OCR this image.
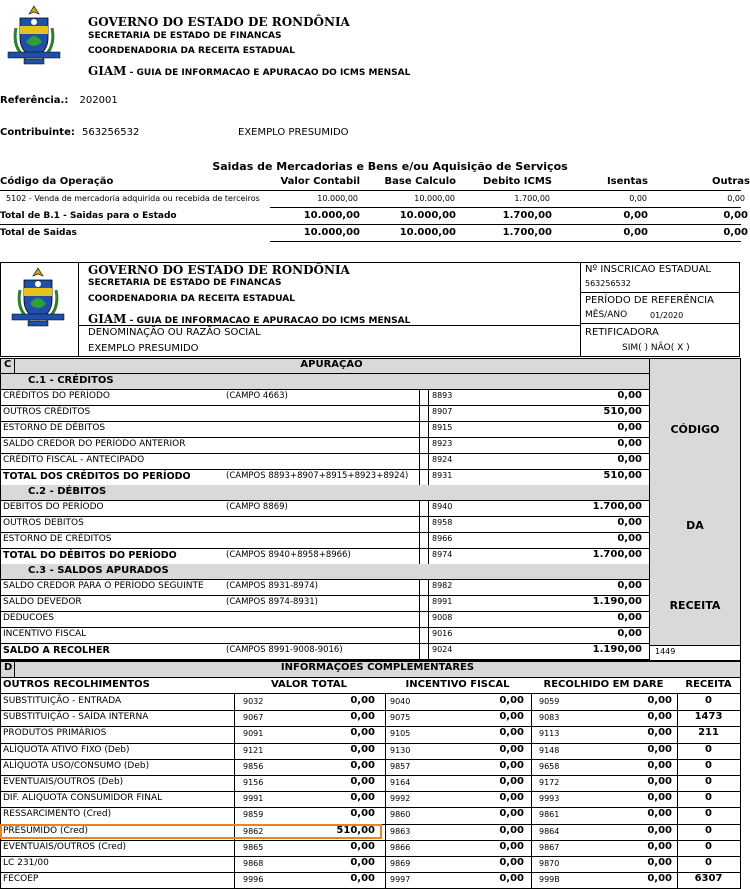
GOVERNO DO ESTADO DE RONDÔNIA
SECRETARIA DE ESTADO DE FINANCAS
COORDENADORIA DA RECEITA ESTADUAL
GIAM - GUIA DE INFORMACAO E APURACAO DO ICMS MENSAL
Referência.: 202001
Contribuinte: 563256532	EXEMPLO PRESUMIDO
Saidas de Mercadorias e Bens e/ou Aquisição de Serviços
Código da Operação	Valor Contabil	Base Calculo	Debito ICMS	Isentas	Outras
5102 - Venda de mercadoria adquirida ou recebida de terceiros	10.000,00	10.000,00	1.700,00	0,00	0,00
Total de B.1 - Saidas para o Estado	10.000,00	10.000,00	1.700,00	0,00	0,00
Total de Saidas	10.000,00	10.000,00	1.700,00	0,00	0,00
GOVERNO DO ESTADO DE RONDÔNIA
SECRETARIA DE ESTADO DE FINANCAS
COORDENADORIA DA RECEITA ESTADUAL
GIAM - GUIA DE INFORMACAO E APURACAO DO ICMS MENSAL
DENOMINAÇÃO OU RAZÃO SOCIAL
EXEMPLO PRESUMIDO
Nº INSCRICAO ESTADUAL
563256532
PERÍODO DE REFERÊNCIA
MÊS/ANO	01/2020
RETIFICADORA
SIM( ) NÃO( X )
C	APURAÇÃO
CÓDIGO
DA
RECEITA
C.1 - CRÉDITOS
CRÉDITOS DO PERÍODO	(CAMPO 4663)	8893	0,00
OUTROS CRÉDITOS	8907	510,00
ESTORNO DE DÉBITOS	8915	0,00
SALDO CREDOR DO PERÍODO ANTERIOR	8923	0,00
CRÉDITO FISCAL - ANTECIPADO	8924	0,00
TOTAL DOS CRÉDITOS DO PERÍODO	(CAMPOS 8893+8907+8915+8923+8924)	8931	510,00
C.2 - DÉBITOS
DEBITOS DO PERÍODO	(CAMPO 8869)	8940	1.700,00
OUTROS DEBITOS	8958	0,00
ESTORNO DE CRÉDITOS	8966	0,00
TOTAL DO DÉBITOS DO PERÍODO	(CAMPOS 8940+8958+8966)	8974	1.700,00
C.3 - SALDOS APURADOS
SALDO CREDOR PARA O PERÍODO SEGUINTE	(CAMPOS 8931-8974)	8982	0,00
SALDO DEVEDOR	(CAMPOS 8974-8931)	8991	1.190,00
DEDUCOES	9008	0,00
INCENTIVO FISCAL	9016	0,00
SALDO A RECOLHER	(CAMPOS 8991-9008-9016)	9024	1.190,00 1449
D	INFORMAÇÕES COMPLEMENTARES
OUTROS RECOLHIMENTOS	VALOR TOTAL	INCENTIVO FISCAL	RECOLHIDO EM DARE	RECEITA
SUBSTITUIÇÃO - ENTRADA	9032	0,00 9040	0,00 9059	0,00	0
SUBSTITUIÇÃO - SAÍDA INTERNA	9067	0,00 9075	0,00 9083	0,00	1473
PRODUTOS PRIMÁRIOS	9091	0,00 9105	0,00 9113	0,00	211
ALÍQUOTA ATIVO FIXO (Deb)	9121	0,00 9130	0,00 9148	0,00	0
ALÍQUOTA USO/CONSUMO (Deb)	9856	0,00 9857	0,00 9658	0,00	0
EVENTUAIS/OUTROS (Deb)	9156	0,00 9164	0,00 9172	0,00	0
DIF. ALIQUOTA CONSUMIDOR FINAL	9991	0,00 9992	0,00 9993	0,00	0
RESSARCIMENTO (Cred)	9859	0,00 9860	0,00 9861	0,00	0
PRESUMIDO (Cred)	9862	510,00 9863	0,00 9864	0,00	0
EVENTUAIS/OUTROS (Cred)	9865	0,00 9866	0,00 9867	0,00	0
LC 231/00	9868	0,00 9869	0,00 9870	0,00	0
FECOEP	9996	0,00 9997	0,00 999B	0,00	6307
